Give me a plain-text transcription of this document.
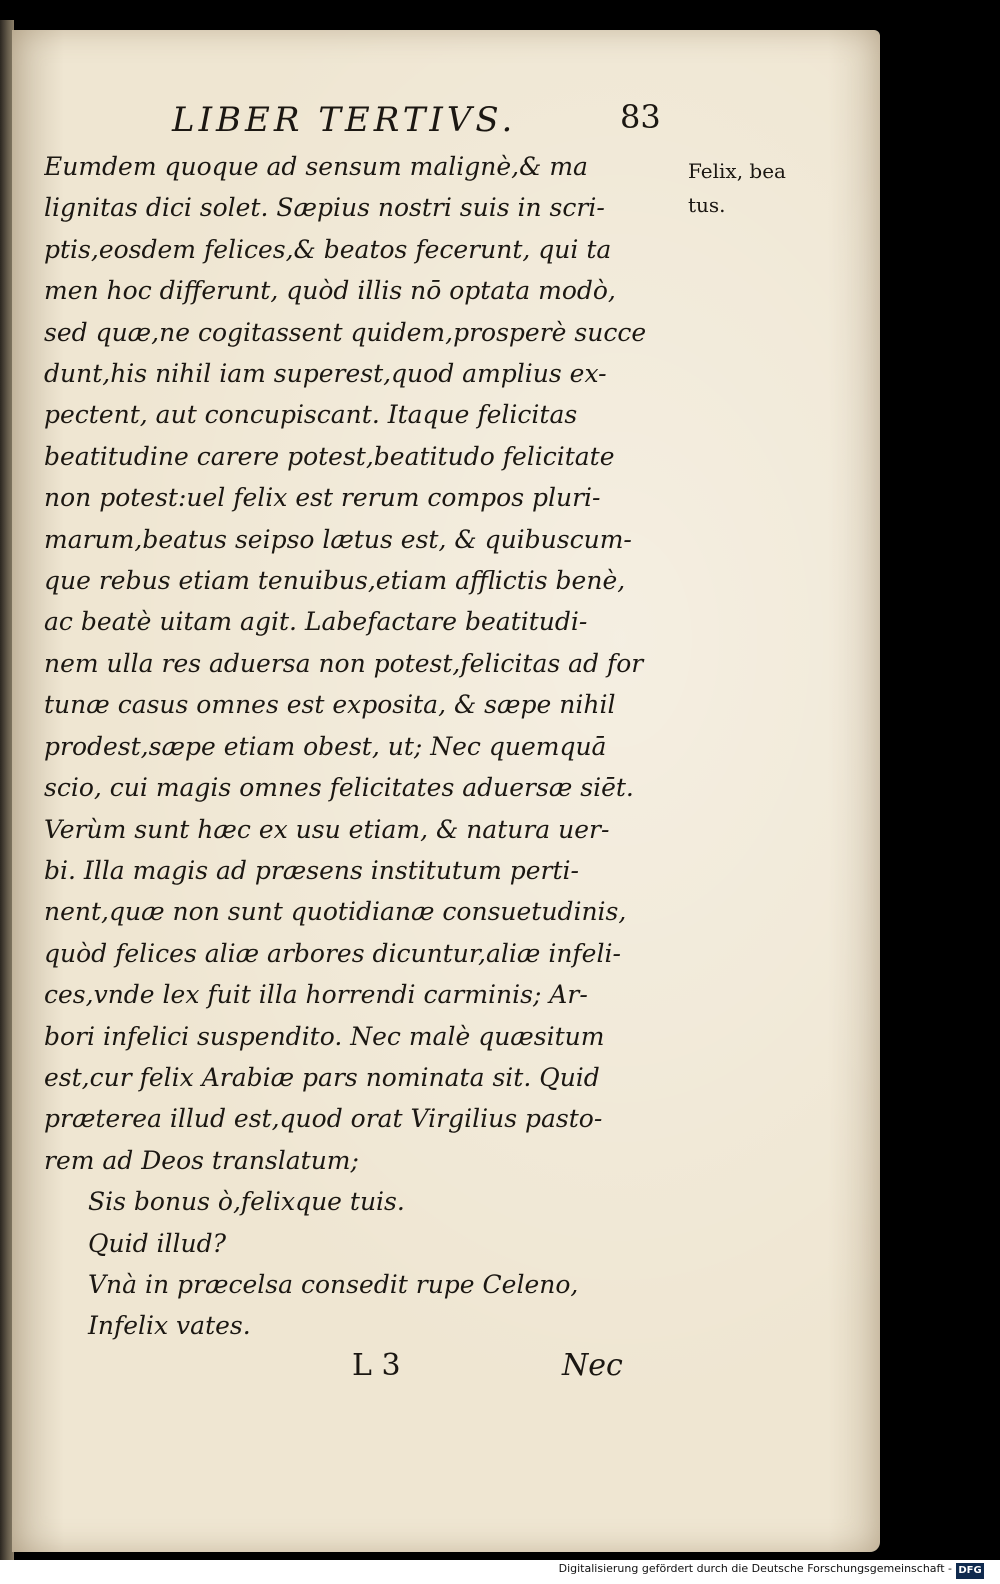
LIBER TERTIVS.	83
Eumdem quoque ad sensum malignè,& ma
lignitas dici solet. Sæpius nostri suis in scri-
ptis,eosdem felices,& beatos fecerunt, qui ta
men hoc differunt, quòd illis nō optata modò,
sed quæ,ne cogitassent quidem,prosperè succe
dunt,his nihil iam superest,quod amplius ex-
pectent, aut concupiscant. Itaque felicitas
beatitudine carere potest,beatitudo felicitate
non potest:uel felix est rerum compos pluri-
marum,beatus seipso lætus est, & quibuscum-
que rebus etiam tenuibus,etiam afflictis benè,
ac beatè uitam agit. Labefactare beatitudi-
nem ulla res aduersa non potest,felicitas ad for
tunæ casus omnes est exposita, & sæpe nihil
prodest,sæpe etiam obest, ut; Nec quemquā
scio, cui magis omnes felicitates aduersæ siēt.
Verùm sunt hæc ex usu etiam, & natura uer-
bi. Illa magis ad præsens institutum perti-
nent,quæ non sunt quotidianæ consuetudinis,
quòd felices aliæ arbores dicuntur,aliæ infeli-
ces,vnde lex fuit illa horrendi carminis; Ar-
bori infelici suspendito. Nec malè quæsitum
est,cur felix Arabiæ pars nominata sit. Quid
præterea illud est,quod orat Virgilius pasto-
rem ad Deos translatum;
Sis bonus ò,felixque tuis.
Quid illud?
Vnà in præcelsa consedit rupe Celeno,
Infelix vates.
Felix, bea
tus.
L 3	Nec
Digitalisierung gefördert durch die Deutsche Forschungsgemeinschaft - DFG
